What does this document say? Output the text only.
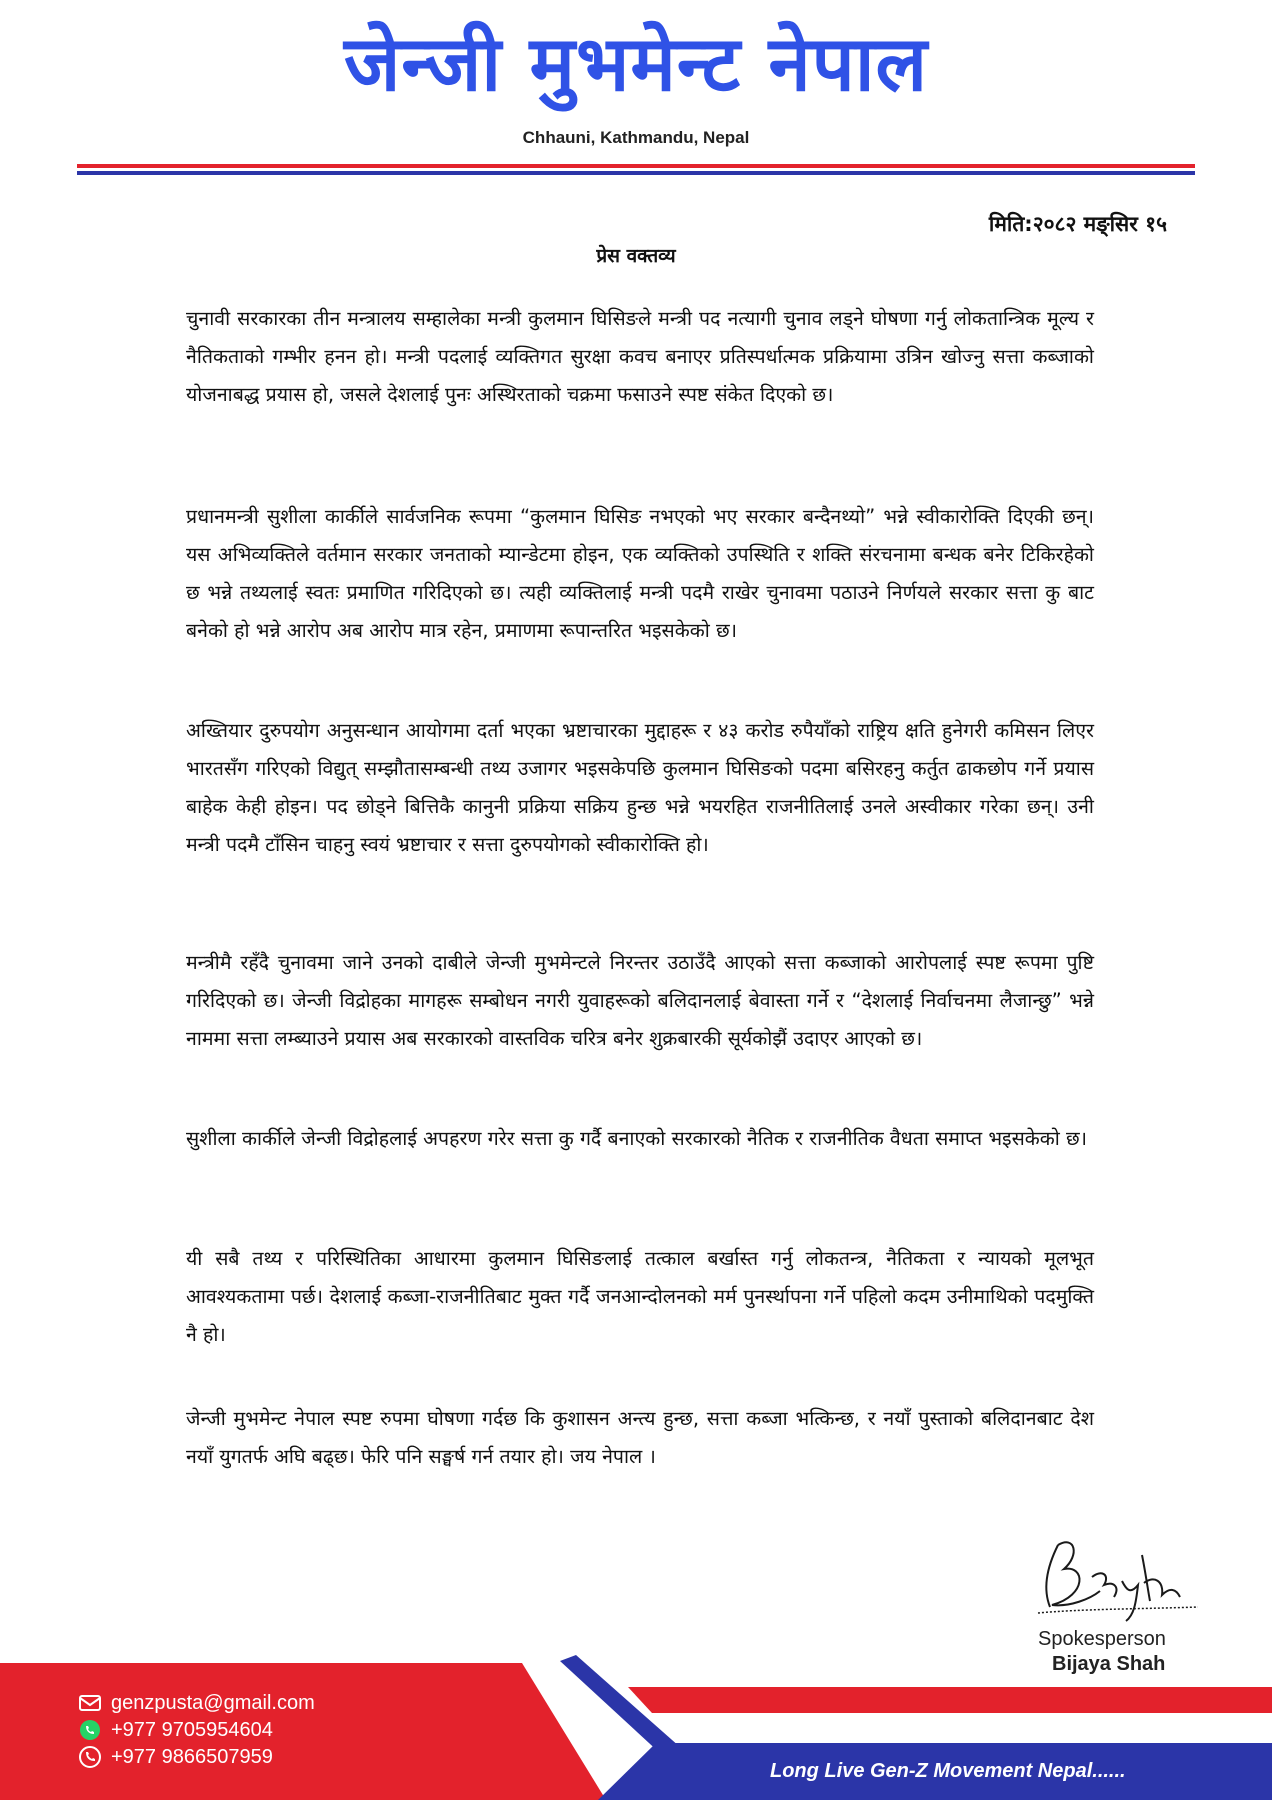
जेन्जी मुभमेन्ट नेपाल
Chhauni, Kathmandu, Nepal
मिति:२०८२ मङ्सिर १५
प्रेस वक्तव्य

चुनावी सरकारका तीन मन्त्रालय सम्हालेका मन्त्री कुलमान घिसिङले मन्त्री पद नत्यागी चुनाव लड्ने घोषणा गर्नु लोकतान्त्रिक मूल्य र नैतिकताको गम्भीर हनन हो। मन्त्री पदलाई व्यक्तिगत सुरक्षा कवच बनाएर प्रतिस्पर्धात्मक प्रक्रियामा उत्रिन खोज्नु सत्ता कब्जाको योजनाबद्ध प्रयास हो, जसले देशलाई पुनः अस्थिरताको चक्रमा फसाउने स्पष्ट संकेत दिएको छ।

प्रधानमन्त्री सुशीला कार्कीले सार्वजनिक रूपमा “कुलमान घिसिङ नभएको भए सरकार बन्दैनथ्यो” भन्ने स्वीकारोक्ति दिएकी छन्। यस अभिव्यक्तिले वर्तमान सरकार जनताको म्यान्डेटमा होइन, एक व्यक्तिको उपस्थिति र शक्ति संरचनामा बन्धक बनेर टिकिरहेको छ भन्ने तथ्यलाई स्वतः प्रमाणित गरिदिएको छ। त्यही व्यक्तिलाई मन्त्री पदमै राखेर चुनावमा पठाउने निर्णयले सरकार सत्ता कु बाट बनेको हो भन्ने आरोप अब आरोप मात्र रहेन, प्रमाणमा रूपान्तरित भइसकेको छ।

अख्तियार दुरुपयोग अनुसन्धान आयोगमा दर्ता भएका भ्रष्टाचारका मुद्दाहरू र ४३ करोड रुपैयाँको राष्ट्रिय क्षति हुनेगरी कमिसन लिएर भारतसँग गरिएको विद्युत् सम्झौतासम्बन्धी तथ्य उजागर भइसकेपछि कुलमान घिसिङको पदमा बसिरहनु कर्तुत ढाकछोप गर्ने प्रयास बाहेक केही होइन। पद छोड्ने बित्तिकै कानुनी प्रक्रिया सक्रिय हुन्छ भन्ने भयरहित राजनीतिलाई उनले अस्वीकार गरेका छन्। उनी मन्त्री पदमै टाँसिन चाहनु स्वयं भ्रष्टाचार र सत्ता दुरुपयोगको स्वीकारोक्ति हो।

मन्त्रीमै रहँदै चुनावमा जाने उनको दाबीले जेन्जी मुभमेन्टले निरन्तर उठाउँदै आएको सत्ता कब्जाको आरोपलाई स्पष्ट रूपमा पुष्टि गरिदिएको छ। जेन्जी विद्रोहका मागहरू सम्बोधन नगरी युवाहरूको बलिदानलाई बेवास्ता गर्ने र “देशलाई निर्वाचनमा लैजान्छु” भन्ने नाममा सत्ता लम्ब्याउने प्रयास अब सरकारको वास्तविक चरित्र बनेर शुक्रबारकी सूर्यकोझैं उदाएर आएको छ।

सुशीला कार्कीले जेन्जी विद्रोहलाई अपहरण गरेर सत्ता कु गर्दै बनाएको सरकारको नैतिक र राजनीतिक वैधता समाप्त भइसकेको छ।

यी सबै तथ्य र परिस्थितिका आधारमा कुलमान घिसिङलाई तत्काल बर्खास्त गर्नु लोकतन्त्र, नैतिकता र न्यायको मूलभूत आवश्यकतामा पर्छ। देशलाई कब्जा-राजनीतिबाट मुक्त गर्दै जनआन्दोलनको मर्म पुनर्स्थापना गर्ने पहिलो कदम उनीमाथिको पदमुक्ति नै हो।

जेन्जी मुभमेन्ट नेपाल स्पष्ट रुपमा घोषणा गर्दछ कि कुशासन अन्त्य हुन्छ, सत्ता कब्जा भत्किन्छ, र नयाँ पुस्ताको बलिदानबाट देश नयाँ युगतर्फ अघि बढ्छ। फेरि पनि सङ्घर्ष गर्न तयार हो। जय नेपाल ।

Spokesperson
Bijaya Shah
genzpusta@gmail.com
+977 9705954604
+977 9866507959
Long Live Gen-Z Movement Nepal......
